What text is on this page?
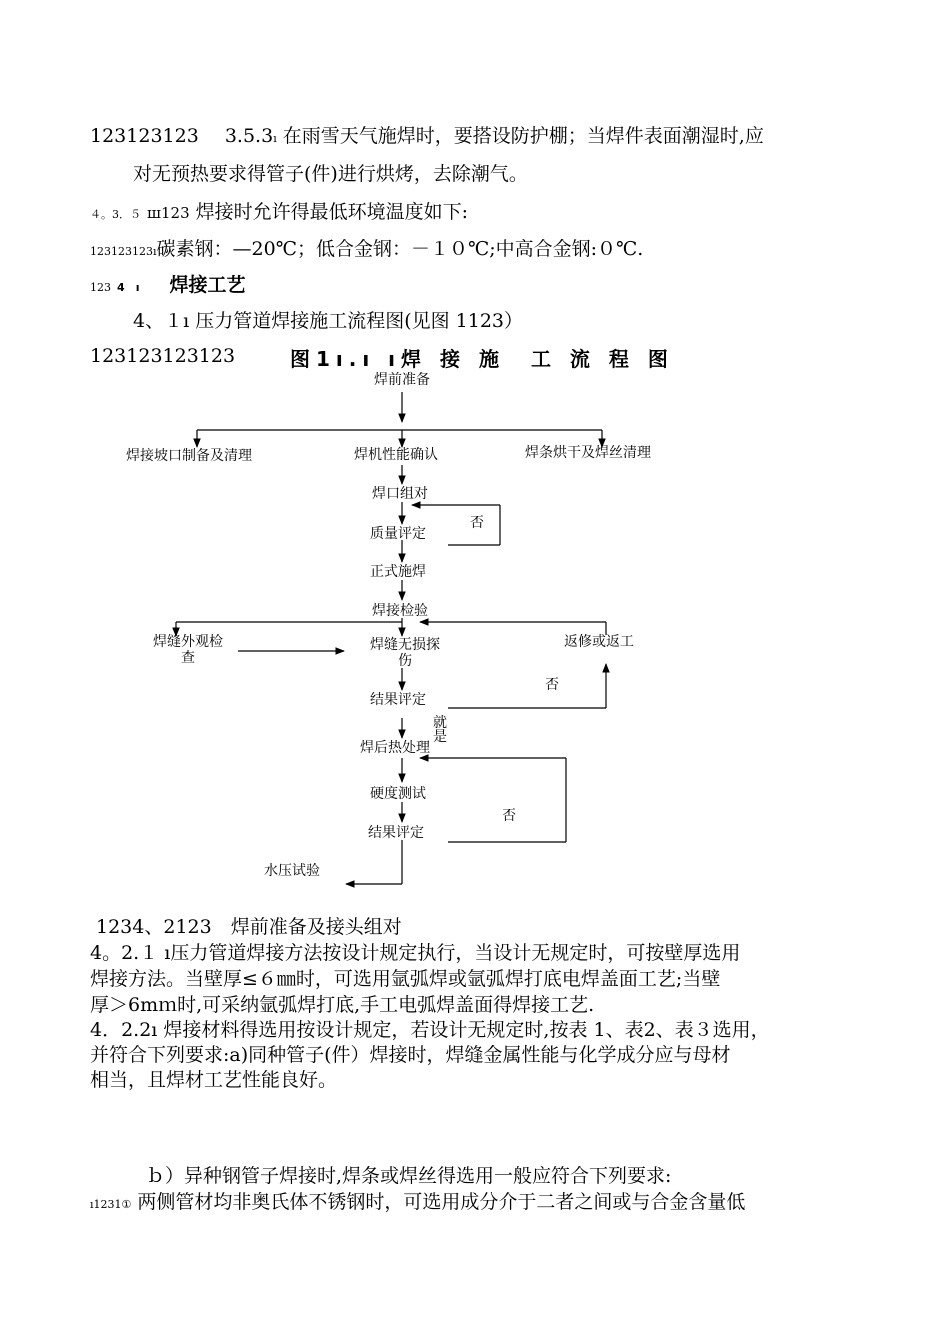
123123123 3.5.3ı 在雨雪天气施焊时，要搭设防护棚；当焊件表面潮湿时,应
对无预热要求得管子(件)进行烘烤，去除潮气。
４。3．５ ш123 焊接时允许得最低环境温度如下:
123123123ı碳素钢：—20℃；低合金钢：－１０℃;中高合金钢:０℃.
123 4　ı 焊接工艺
4、１ı 压力管道焊接施工流程图(见图 1123）
123123123123	图1ı.ı ı焊 接 施　工 流 程 图
焊前准备
焊接坡口制备及清理	焊机性能确认	焊条烘干及焊丝清理
焊口组对
否
质量评定
正式施焊
焊接检验
焊缝外观检
查
焊缝无损探
伤
返修或返工
否
结果评定
就
是
焊后热处理
硬度测试
否
结果评定
水压试验
1234、2123　焊前准备及接头组对
4。2.１ ı压力管道焊接方法按设计规定执行，当设计无规定时，可按壁厚选用
焊接方法。当壁厚≤６㎜时，可选用氩弧焊或氩弧焊打底电焊盖面工艺;当壁
厚＞6mｍ时,可采纳氩弧焊打底,手工电弧焊盖面得焊接工艺.
4．2.2ı 焊接材料得选用按设计规定，若设计无规定时,按表 1、表2、表３选用，
并符合下列要求:a)同种管子(件）焊接时，焊缝金属性能与化学成分应与母材
相当，且焊材工艺性能良好。
ｂ）异种钢管子焊接时,焊条或焊丝得选用一般应符合下列要求:
ı1231① 两侧管材均非奥氏体不锈钢时，可选用成分介于二者之间或与合金含量低
